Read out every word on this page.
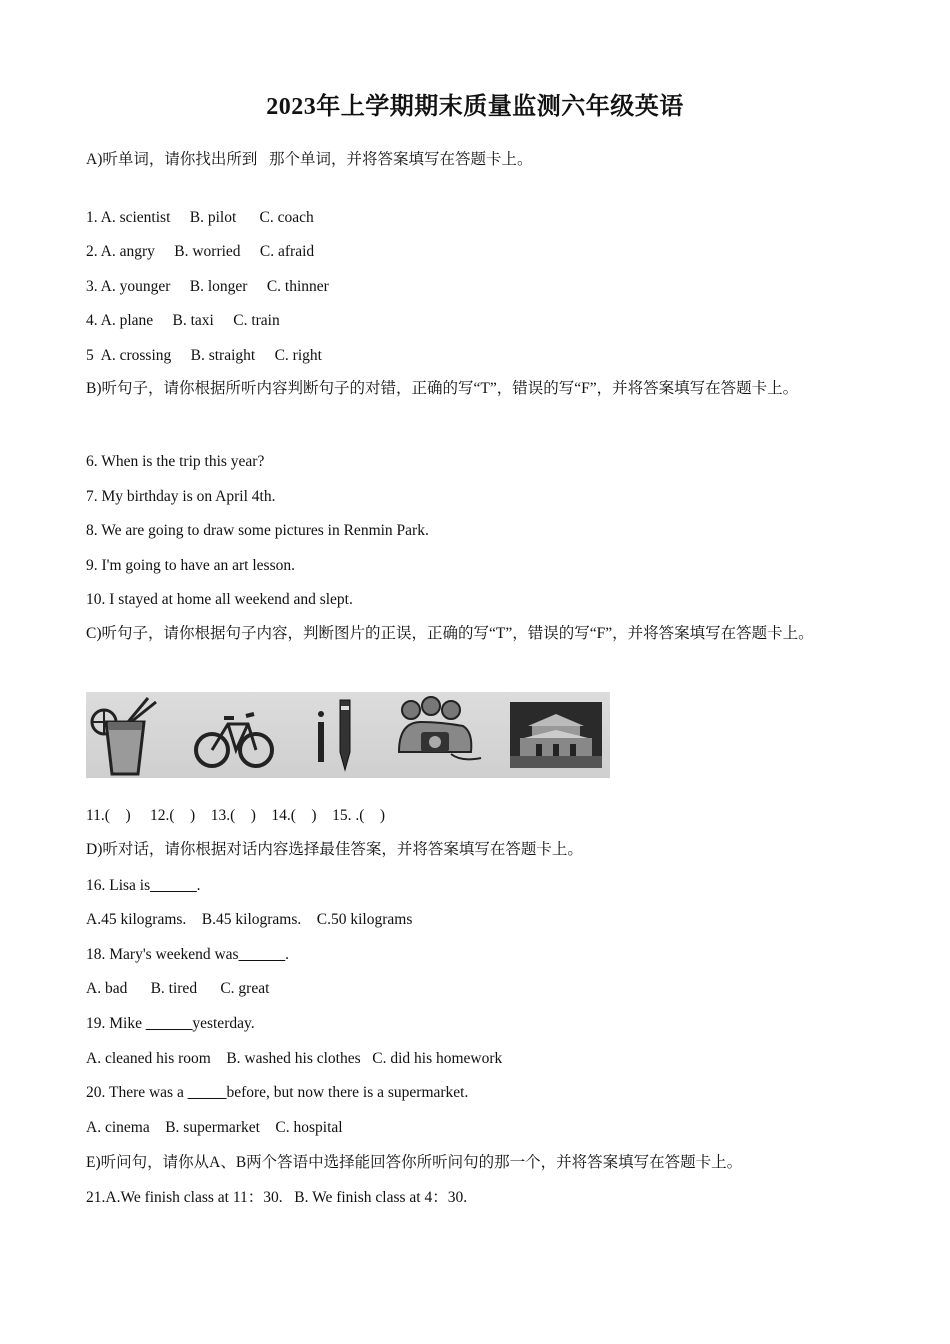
2023年上学期期末质量监测六年级英语
A)听单词，请你找出所到   那个单词，并将答案填写在答题卡上。
1. A. scientist     B. pilot      C. coach
2. A. angry     B. worried     C. afraid
3. A. younger     B. longer     C. thinner
4. A. plane     B. taxi     C. train
5  A. crossing     B. straight     C. right
B)听句子，请你根据所听内容判断句子的对错，正确的写“T”，错误的写“F”，并将答案填写在答题卡上。
6. When is the trip this year?
7. My birthday is on April 4th.
8. We are going to draw some pictures in Renmin Park.
9. I'm going to have an art lesson.
10. I stayed at home all weekend and slept.
C)听句子，请你根据句子内容，判断图片的正误，正确的写“T”，错误的写“F”，并将答案填写在答题卡上。
11.(    )     12.(    )    13.(    )    14.(    )    15. .(    )
D)听对话，请你根据对话内容选择最佳答案，并将答案填写在答题卡上。
16. Lisa is______.
A.45 kilograms.    B.45 kilograms.    C.50 kilograms
18. Mary's weekend was______.
A. bad      B. tired      C. great
19. Mike ______yesterday.
A. cleaned his room    B. washed his clothes   C. did his homework
20. There was a _____before, but now there is a supermarket.
A. cinema    B. supermarket    C. hospital
E)听问句，请你从A、B两个答语中选择能回答你所听问句的那一个，并将答案填写在答题卡上。
21.A.We finish class at 11：30.   B. We finish class at 4：30.
